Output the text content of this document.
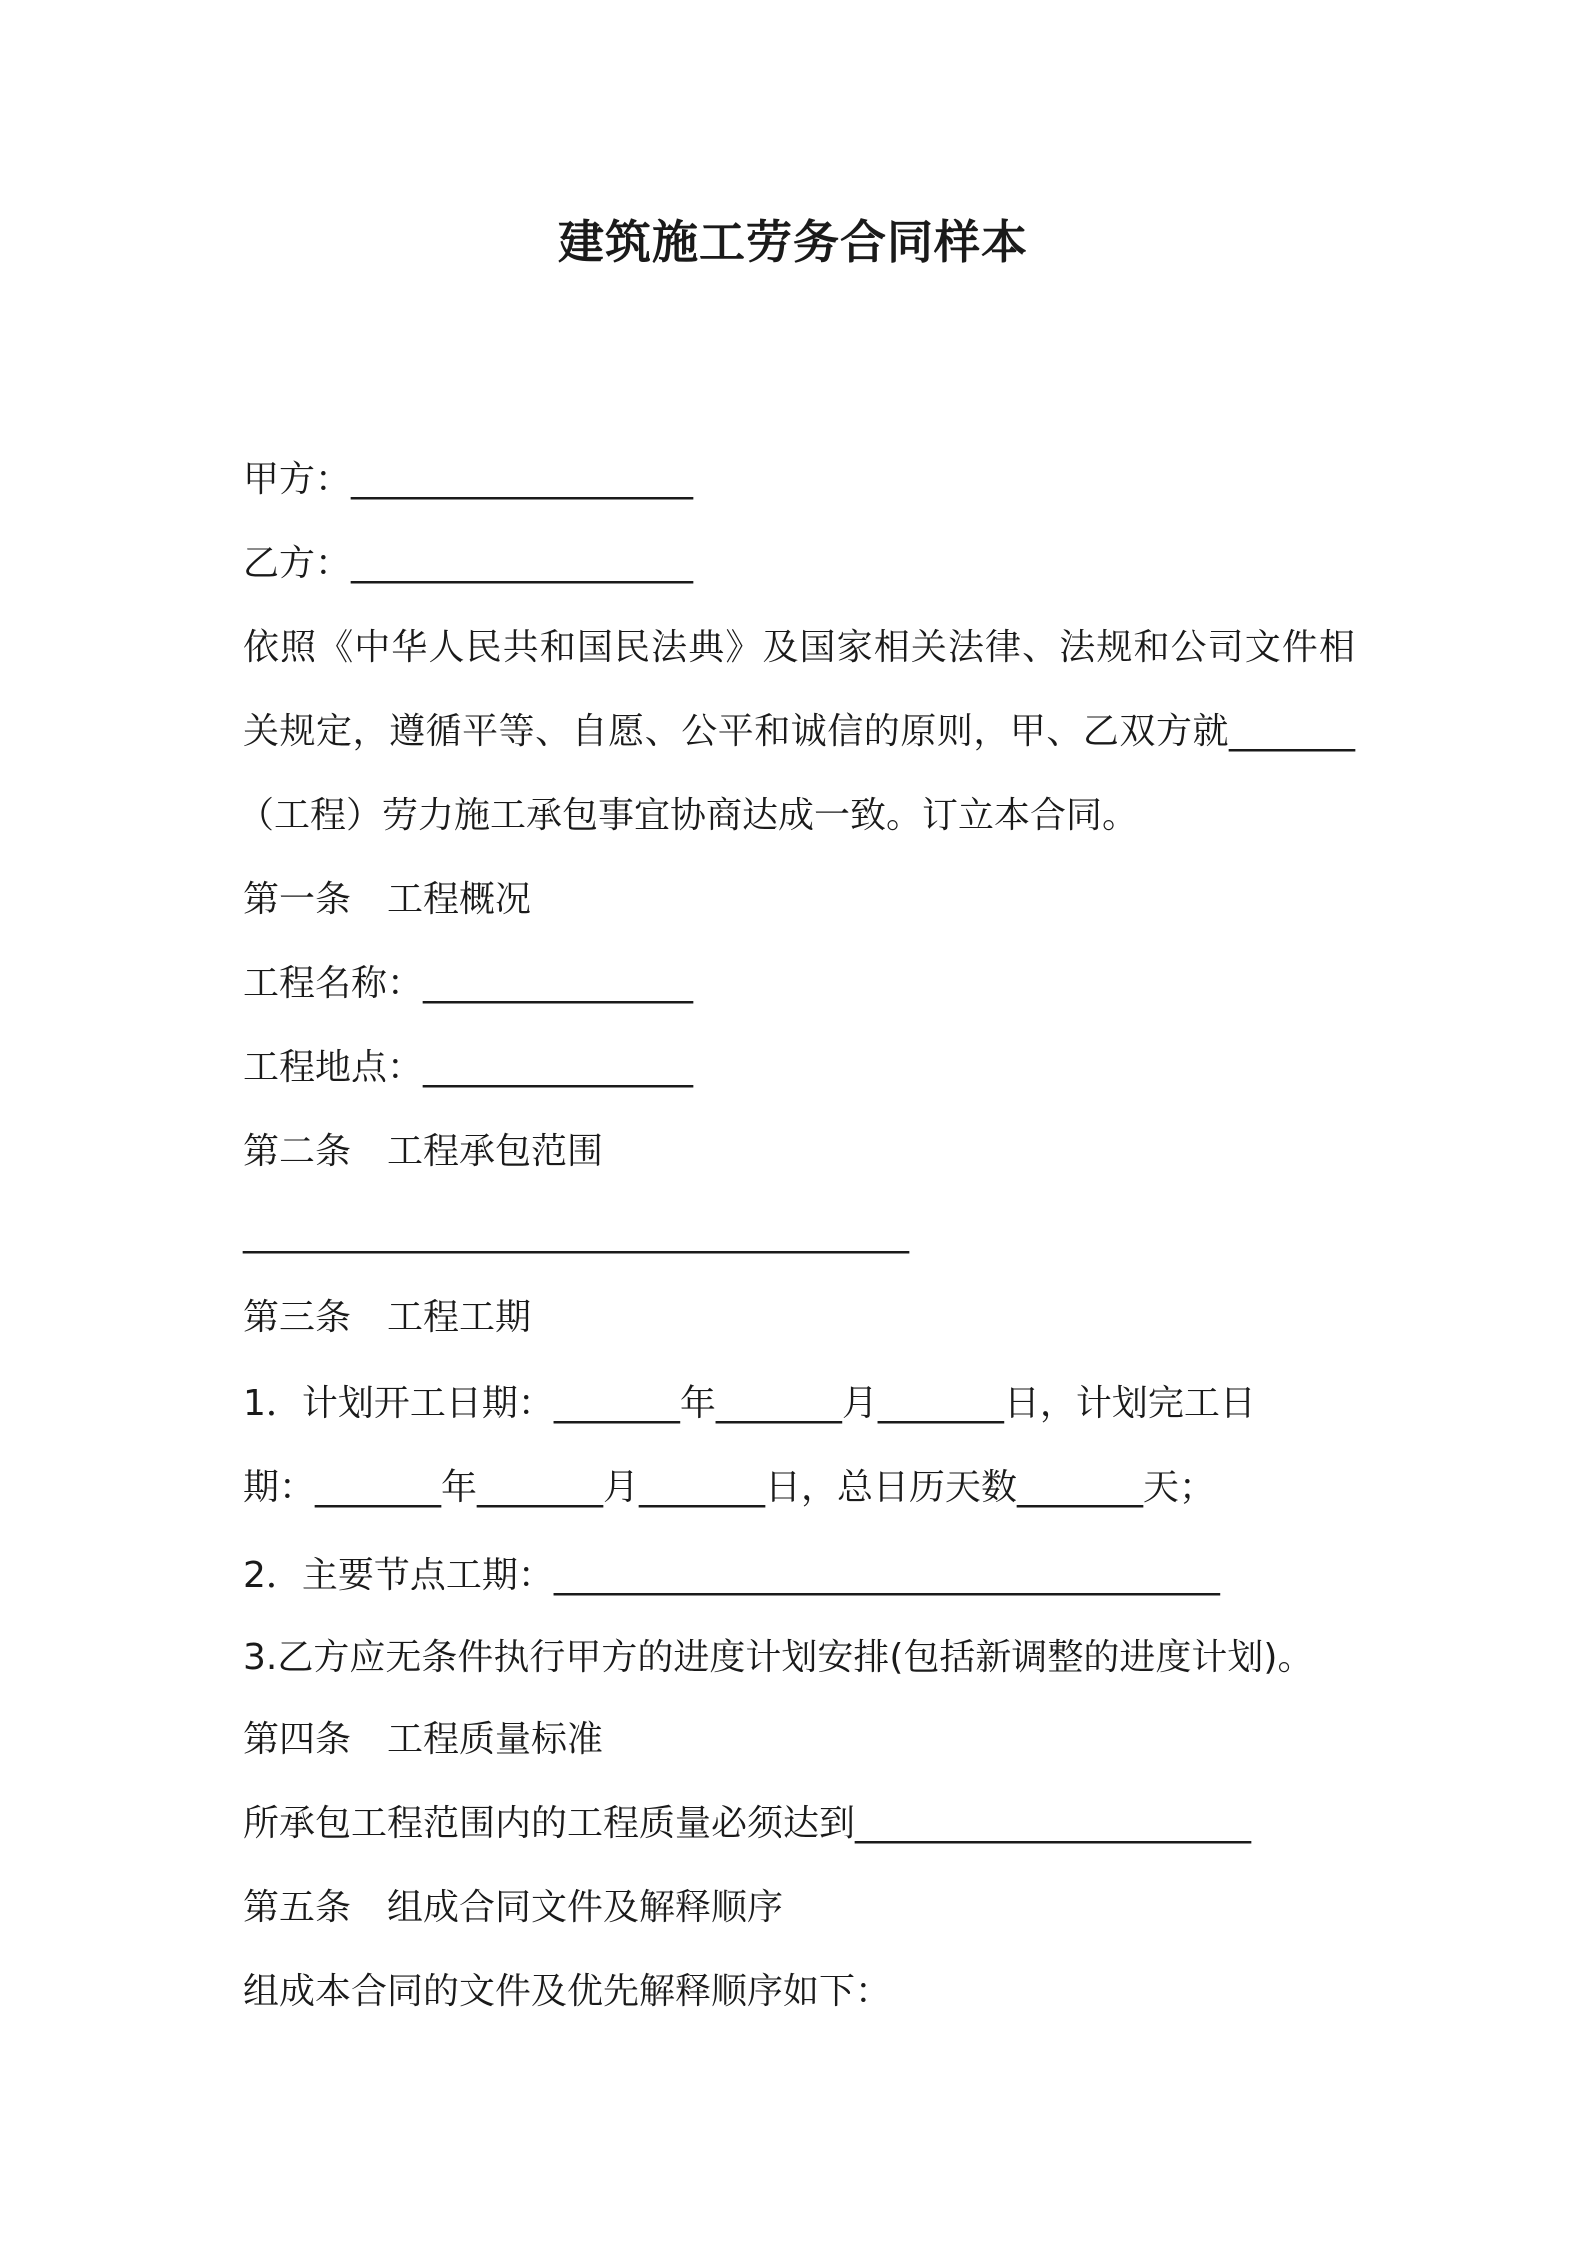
建筑施工劳务合同样本
甲方：___________________
乙方：___________________
依照《中华人民共和国民法典》及国家相关法律、法规和公司文件相
关规定，遵循平等、自愿、公平和诚信的原则，甲、乙双方就_______
（工程）劳力施工承包事宜协商达成一致。订立本合同。
第一条　工程概况
工程名称：_______________
工程地点：_______________
第二条　工程承包范围
_____________________________________
第三条　工程工期
1．计划开工日期：_______年_______月_______日，计划完工日
期：_______年_______月_______日，总日历天数_______天；
2．主要节点工期：_____________________________________
3.乙方应无条件执行甲方的进度计划安排(包括新调整的进度计划)。
第四条　工程质量标准
所承包工程范围内的工程质量必须达到______________________
第五条　组成合同文件及解释顺序
组成本合同的文件及优先解释顺序如下：
